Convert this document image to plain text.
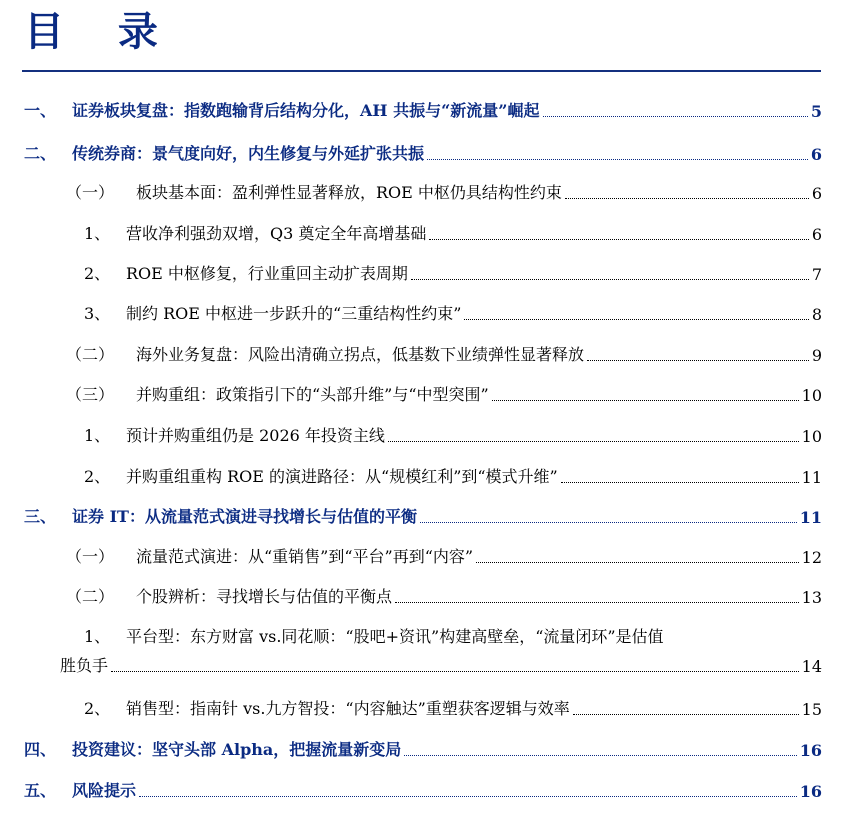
目 录
一、 证券板块复盘：指数跑输背后结构分化，AH 共振与“新流量”崛起	5
二、 传统券商：景气度向好，内生修复与外延扩张共振	6
（一）	板块基本面：盈利弹性显著释放，ROE 中枢仍具结构性约束	6
1、 营收净利强劲双增，Q3 奠定全年高增基础	6
2、 ROE 中枢修复，行业重回主动扩表周期	7
3、 制约 ROE 中枢进一步跃升的“三重结构性约束”	8
（二）	海外业务复盘：风险出清确立拐点，低基数下业绩弹性显著释放	9
（三）	并购重组：政策指引下的“头部升维”与“中型突围”	10
1、 预计并购重组仍是 2026 年投资主线	10
2、 并购重组重构 ROE 的演进路径：从“规模红利”到“模式升维”	11
三、 证券 IT：从流量范式演进寻找增长与估值的平衡	11
（一）	流量范式演进：从“重销售”到“平台”再到“内容”	12
（二）	个股辨析：寻找增长与估值的平衡点	13
1、 平台型：东方财富 vs.同花顺：“股吧+资讯”构建高壁垒，“流量闭环”是估值
胜负手	14
2、 销售型：指南针 vs.九方智投：“内容触达”重塑获客逻辑与效率	15
四、 投资建议：坚守头部 Alpha，把握流量新变局	16
五、 风险提示	16
